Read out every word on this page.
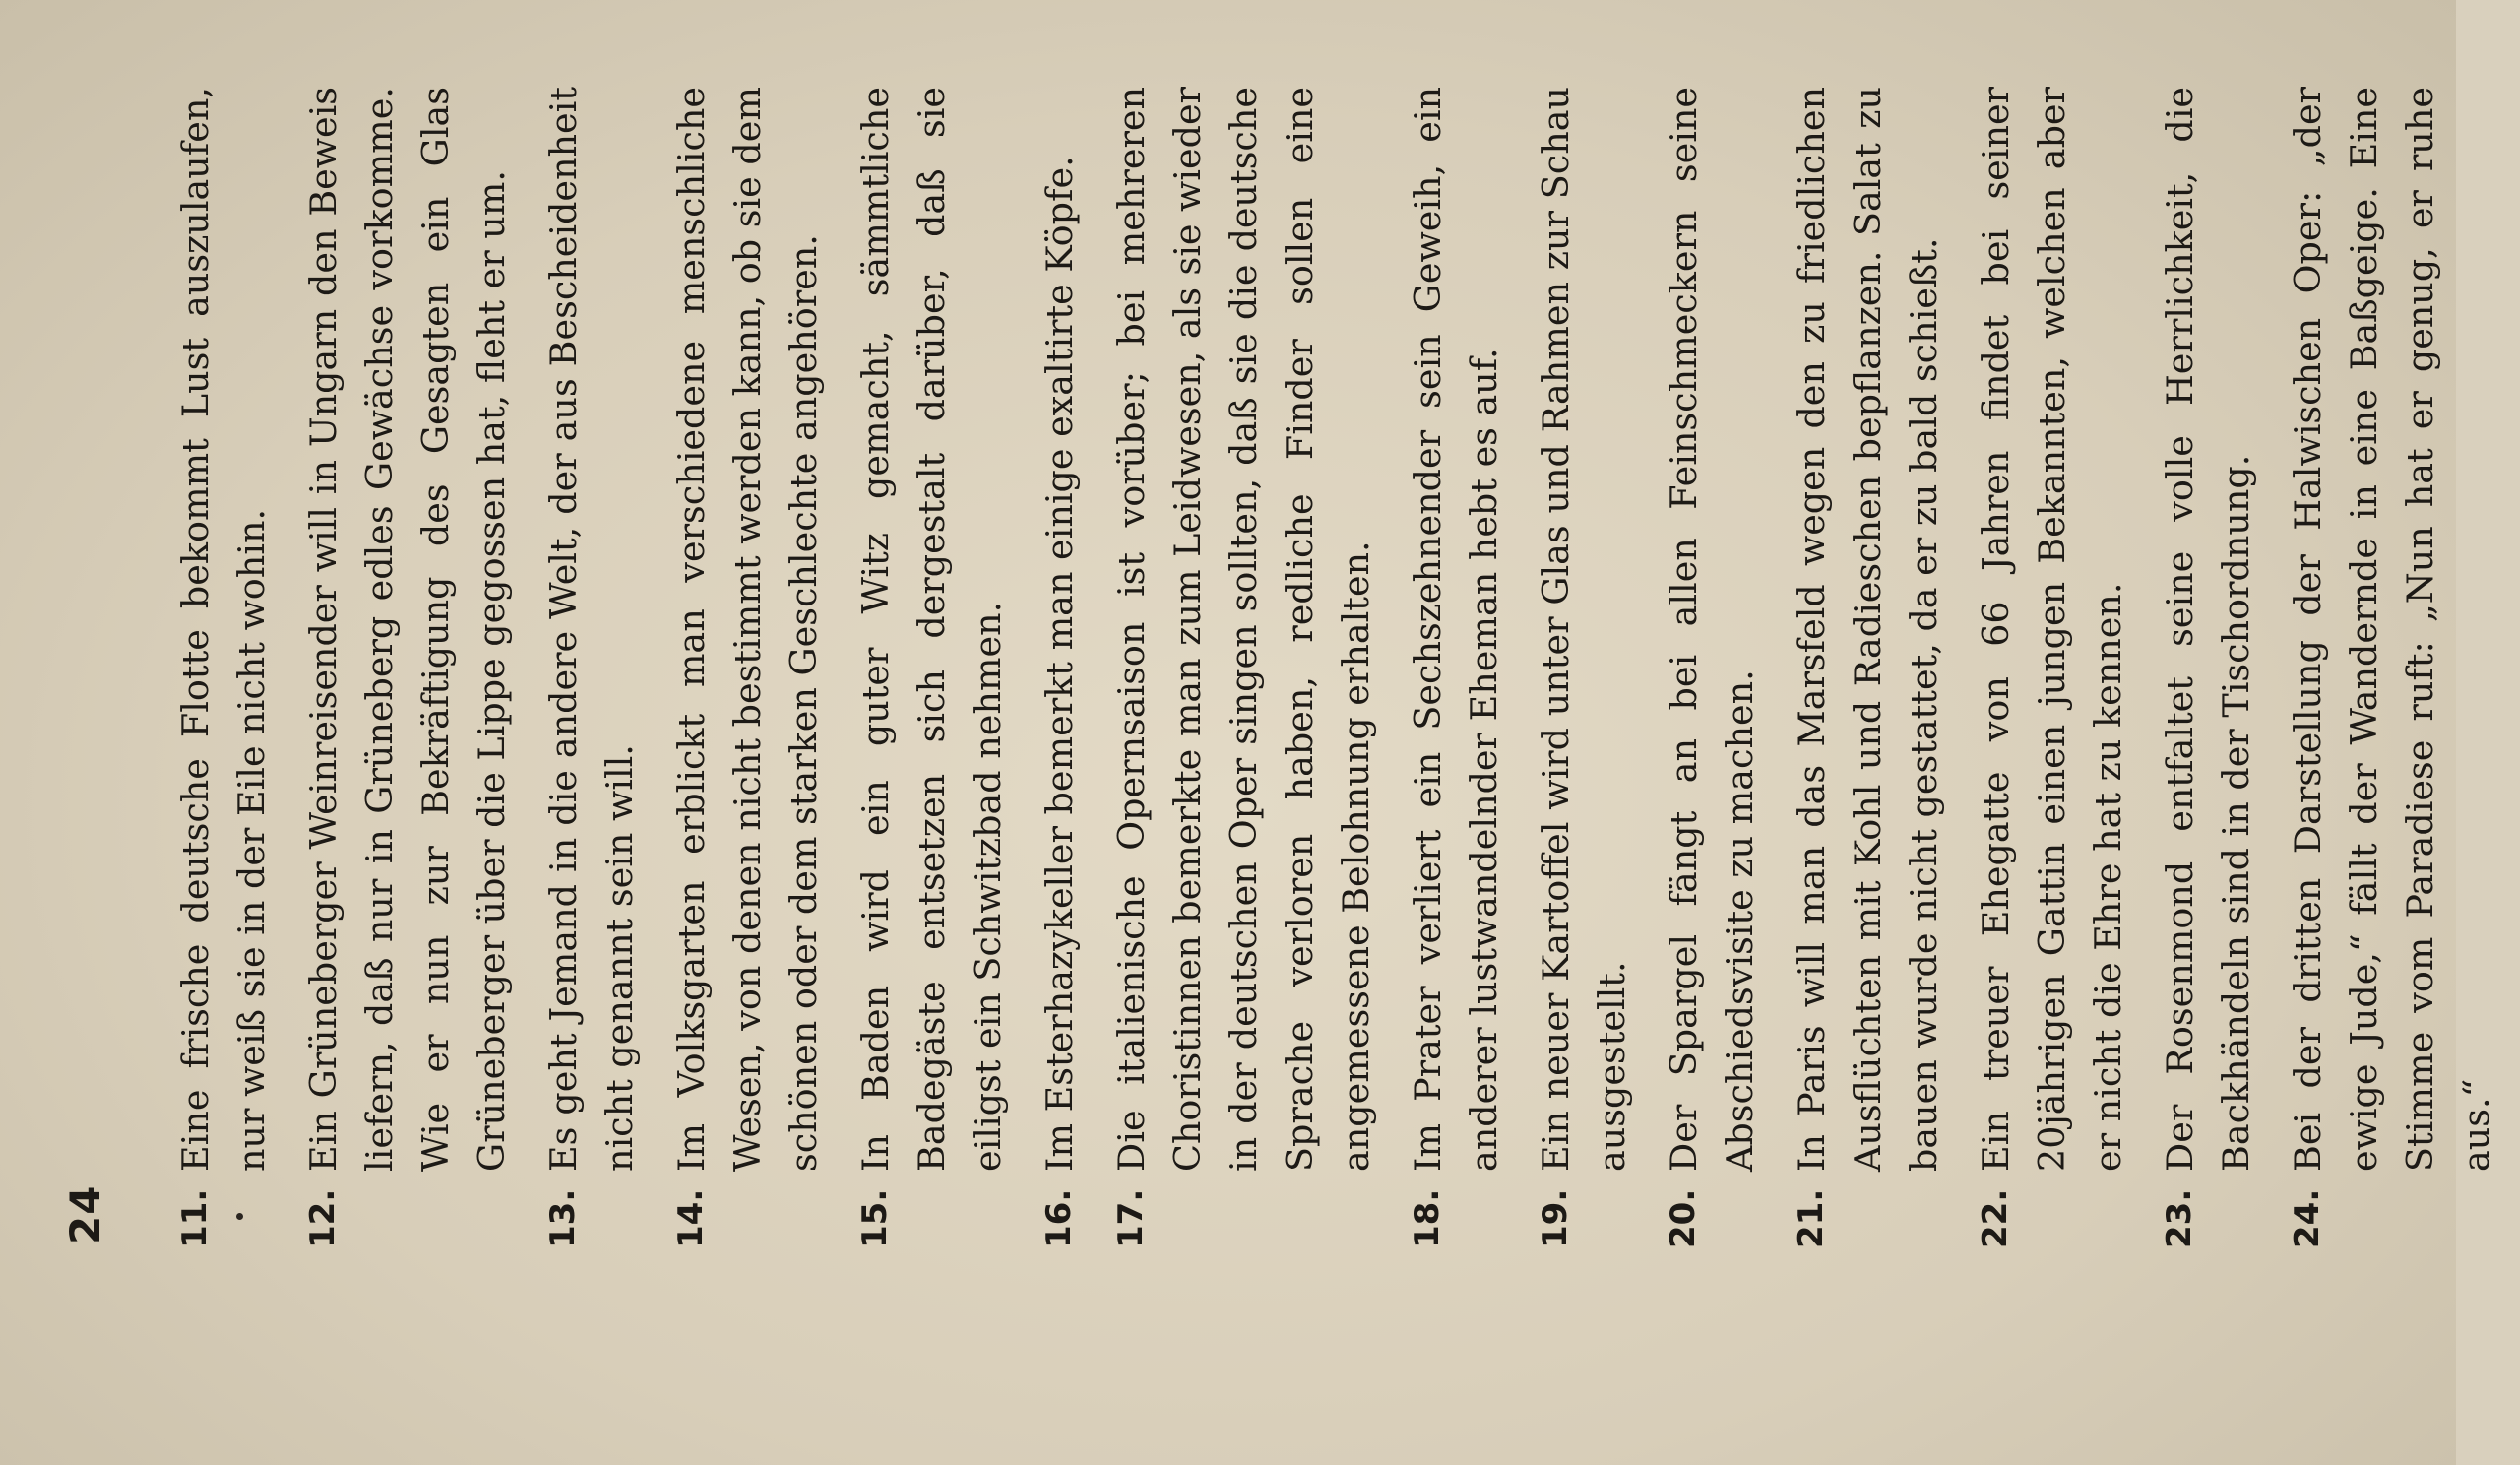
24 11.
Eine frische deutsche Flotte bekommt Lust auszulaufen, nur weiß sie in der Eile nicht wohin.
12.
Ein Grüneberger Weinreisender will in Ungarn den Beweis liefern, daß nur in Grüneberg edles Gewächse vorkomme. Wie er nun zur Bekräftigung des Gesagten ein Glas Grüneberger über die Lippe gegossen hat, fleht er um.
13.
Es geht Jemand in die andere Welt, der aus Bescheidenheit nicht genannt sein will.
14.
Im Volksgarten erblickt man verschiedene menschliche Wesen, von denen nicht bestimmt werden kann, ob sie dem schönen oder dem starken Geschlechte angehören.
15.
In Baden wird ein guter Witz gemacht, sämmtliche Badegäste entsetzen sich dergestalt darüber, daß sie eiligst ein Schwitzbad nehmen.
16.
Im Esterhazykeller bemerkt man einige exaltirte Köpfe.
17.
Die italienische Opernsaison ist vorüber; bei mehreren Choristinnen bemerkte man zum Leidwesen, als sie wieder in der deutschen Oper singen sollten, daß sie die deutsche Sprache verloren haben, redliche Finder sollen eine angemessene Belohnung erhalten.
18.
Im Prater verliert ein Sechszehnender sein Geweih, ein anderer lustwandelnder Eheman hebt es auf.
19.
Ein neuer Kartoffel wird unter Glas und Rahmen zur Schau ausgestellt.
20.
Der Spargel fängt an bei allen Feinschmeckern seine Abschiedsvisite zu machen.
21.
In Paris will man das Marsfeld wegen den zu friedlichen Ausflüchten mit Kohl und Radieschen bepflanzen. Salat zu bauen wurde nicht gestattet, da er zu bald schießt.
22.
Ein treuer Ehegatte von 66 Jahren findet bei seiner 20jährigen Gattin einen jungen Bekannten, welchen aber er nicht die Ehre hat zu kennen.
23.
Der Rosenmond entfaltet seine volle Herrlichkeit, die Backhändeln sind in der Tischordnung.
24.
Bei der dritten Darstellung der Halwischen Oper: „der ewige Jude,“ fällt der Wandernde in eine Baßgeige. Eine Stimme vom Paradiese ruft: „Nun hat er genug, er ruhe aus.“
